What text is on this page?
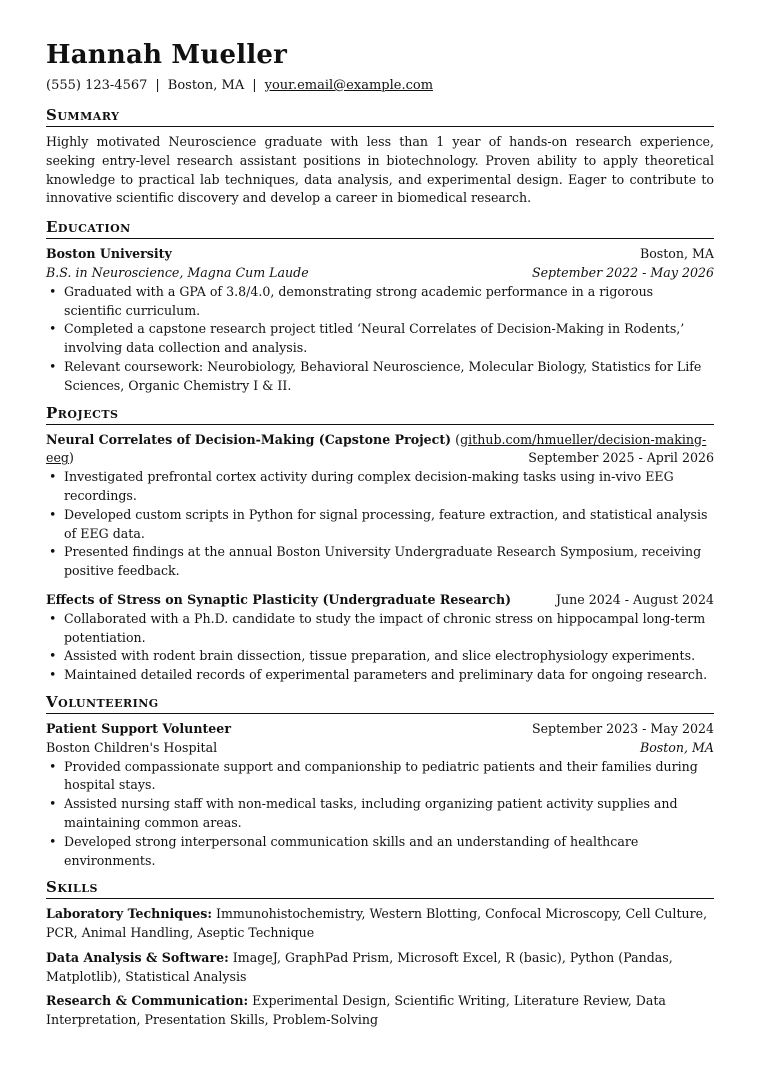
Hannah Mueller
(555) 123-4567 | Boston, MA | your.email@example.com
Summary
Highly motivated Neuroscience graduate with less than 1 year of hands-on research experience, seeking entry-level research assistant positions in biotechnology. Proven ability to apply theoretical knowledge to practical lab techniques, data analysis, and experimental design. Eager to contribute to innovative scientific discovery and develop a career in biomedical research.
Education
Boston University	Boston, MA
B.S. in Neuroscience, Magna Cum Laude	September 2022 - May 2026
• Graduated with a GPA of 3.8/4.0, demonstrating strong academic performance in a rigorous scientific curriculum.
• Completed a capstone research project titled ‘Neural Correlates of Decision-Making in Rodents,’ involving data collection and analysis.
• Relevant coursework: Neurobiology, Behavioral Neuroscience, Molecular Biology, Statistics for Life Sciences, Organic Chemistry I & II.
Projects
Neural Correlates of Decision-Making (Capstone Project) (github.com/hmueller/decision-making-
eeg)	September 2025 - April 2026
• Investigated prefrontal cortex activity during complex decision-making tasks using in-vivo EEG recordings.
• Developed custom scripts in Python for signal processing, feature extraction, and statistical analysis of EEG data.
• Presented findings at the annual Boston University Undergraduate Research Symposium, receiving positive feedback.
Effects of Stress on Synaptic Plasticity (Undergraduate Research)	June 2024 - August 2024
• Collaborated with a Ph.D. candidate to study the impact of chronic stress on hippocampal long-term potentiation.
• Assisted with rodent brain dissection, tissue preparation, and slice electrophysiology experiments.
• Maintained detailed records of experimental parameters and preliminary data for ongoing research.
Volunteering
Patient Support Volunteer	September 2023 - May 2024
Boston Children's Hospital	Boston, MA
• Provided compassionate support and companionship to pediatric patients and their families during hospital stays.
• Assisted nursing staff with non-medical tasks, including organizing patient activity supplies and maintaining common areas.
• Developed strong interpersonal communication skills and an understanding of healthcare environments.
Skills
Laboratory Techniques: Immunohistochemistry, Western Blotting, Confocal Microscopy, Cell Culture, PCR, Animal Handling, Aseptic Technique
Data Analysis & Software: ImageJ, GraphPad Prism, Microsoft Excel, R (basic), Python (Pandas, Matplotlib), Statistical Analysis
Research & Communication: Experimental Design, Scientific Writing, Literature Review, Data Interpretation, Presentation Skills, Problem-Solving
